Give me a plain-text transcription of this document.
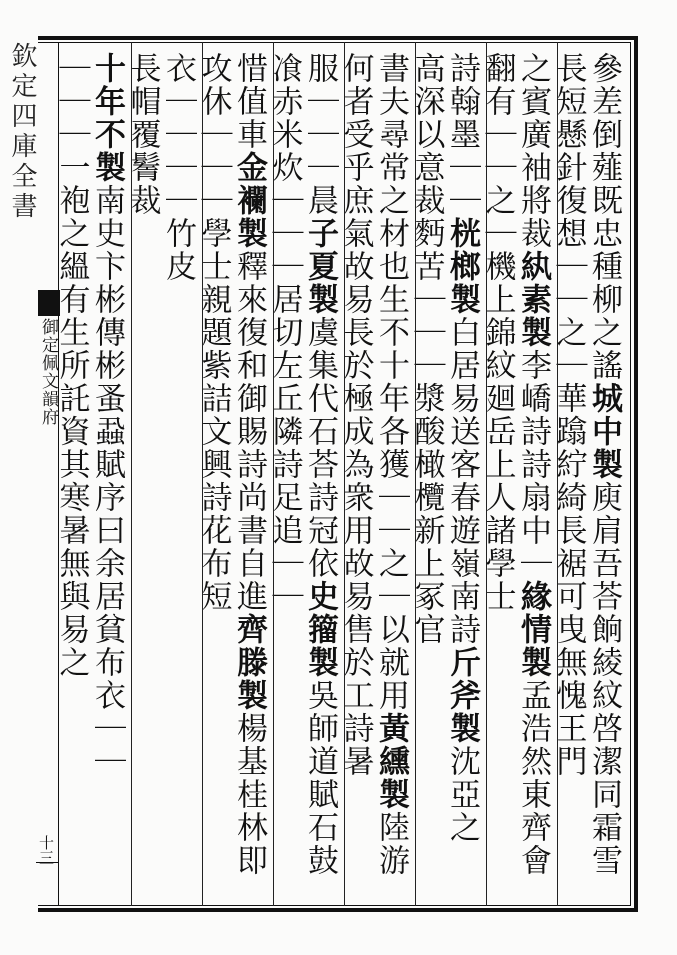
欽定四庫全書
御定佩文韻府
十三
參差倒薤既忠種柳之謠城中製庾肩吾荅餉綾紋啓潔同霜雪
長短懸針復想｜｜之｜華蹹紵綺長裾可曳無愧王門
之賓廣袖將裁紈素製李嶠詩詩扇中｜緣情製孟浩然東齊會
翻有｜｜之｜機上錦紋廻岳上人諸學士
詩翰墨｜｜桄榔製白居易送客春遊嶺南詩斤斧製沈亞之
高深以意裁麪苦｜｜｜漿酸橄欖新上冢官
書夫尋常之材也生不十年各獲｜｜之｜以就用黃纁製陸游
何者受乎庶氣故易長於極成為衆用故易售於工詩暑
服｜｜｜晨子夏製虞集代石荅詩冠依史籀製吳師道賦石鼓
飡赤米炊｜｜｜居切左丘隣詩足追｜｜
惜值車金襴製釋來復和御賜詩尚書自進齊滕製楊基桂林即
攻休｜｜｜學士親題紫詰文興詩花布短
衣｜｜｜｜竹皮
長帽覆鬌裁
十年不製南史卞彬傳彬蚤蝨賦序曰余居貧布衣｜｜
｜｜｜一袍之縕有生所託資其寒暑無與易之
